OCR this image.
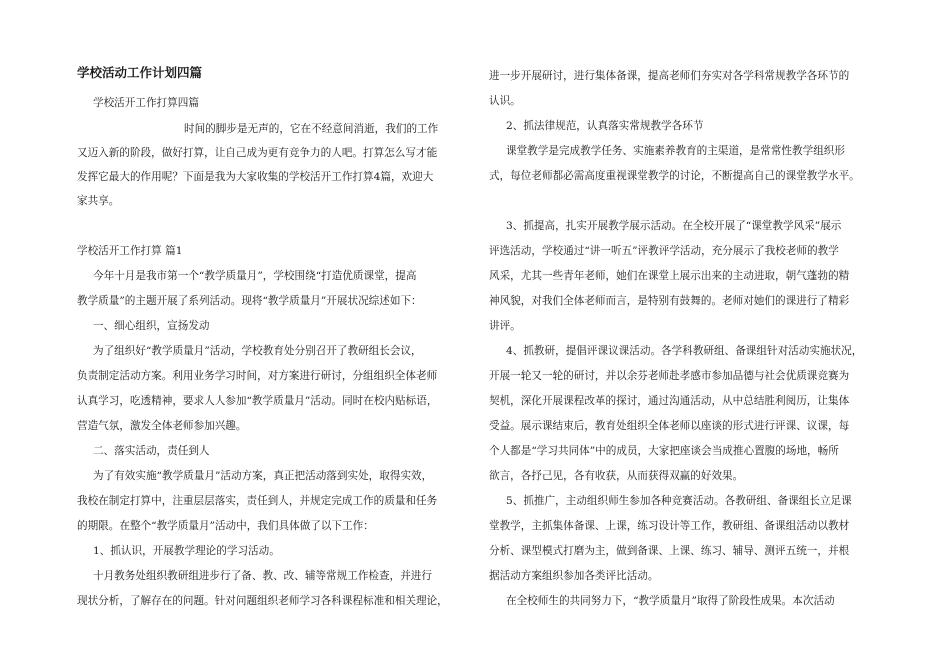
学校活动工作计划四篇
学校活开工作打算四篇
时间的脚步是无声的，它在不经意间消逝，我们的工作
又迈入新的阶段，做好打算，让自己成为更有竞争力的人吧。打算怎么写才能
发挥它最大的作用呢？下面是我为大家收集的学校活开工作打算4篇，欢迎大
家共享。
学校活开工作打算 篇1
今年十月是我市第一个“教学质量月”，学校围绕“打造优质课堂，提高
教学质量”的主题开展了系列活动。现将“教学质量月”开展状况综述如下：
一、细心组织，宣扬发动
为了组织好“教学质量月”活动，学校教育处分别召开了教研组长会议，
负责制定活动方案。利用业务学习时间，对方案进行研讨，分组组织全体老师
认真学习，吃透精神，要求人人参加“教学质量月”活动。同时在校内贴标语，
营造气氛，激发全体老师参加兴趣。
二、落实活动，责任到人
为了有效实施“教学质量月”活动方案，真正把活动落到实处，取得实效，
我校在制定打算中，注重层层落实，责任到人，并规定完成工作的质量和任务
的期限。在整个“教学质量月”活动中，我们具体做了以下工作：
1、抓认识，开展教学理论的学习活动。
十月教务处组织教研组进步行了备、教、改、辅等常规工作检查，并进行
现状分析，了解存在的问题。针对问题组织老师学习各科课程标准和相关理论，
进一步开展研讨，进行集体备课，提高老师们夯实对各学科常规教学各环节的
认识。
2、抓法律规范，认真落实常规教学各环节
课堂教学是完成教学任务、实施素养教育的主渠道，是常常性教学组织形
式，每位老师都必需高度重视课堂教学的讨论，不断提高自己的课堂教学水平。
3、抓提高，扎实开展教学展示活动。在全校开展了“课堂教学风采”展示
评选活动，学校通过“讲一听五”评教评学活动，充分展示了我校老师的教学
风采，尤其一些青年老师，她们在课堂上展示出来的主动进取，朝气蓬勃的精
神风貌，对我们全体老师而言，是特别有鼓舞的。老师对她们的课进行了精彩
讲评。
4、抓教研，提倡评课议课活动。各学科教研组、备课组针对活动实施状况，
开展一轮又一轮的研讨，并以余芬老师赴孝感市参加品德与社会优质课竞赛为
契机，深化开展课程改革的探讨，通过沟通活动，从中总结胜利阅历，让集体
受益。展示课结束后，教育处组织全体老师以座谈的形式进行评课、议课，每
个人都是“学习共同体”中的成员，大家把座谈会当成推心置腹的场地，畅所
欲言，各抒己见，各有收获，从而获得双赢的好效果。
5、抓推广，主动组织师生参加各种竞赛活动。各教研组、备课组长立足课
堂教学，主抓集体备课、上课，练习设计等工作，教研组、备课组活动以教材
分析、课型模式打磨为主，做到备课、上课、练习、辅导、测评五统一，并根
据活动方案组织参加各类评比活动。
在全校师生的共同努力下，“教学质量月”取得了阶段性成果。本次活动
